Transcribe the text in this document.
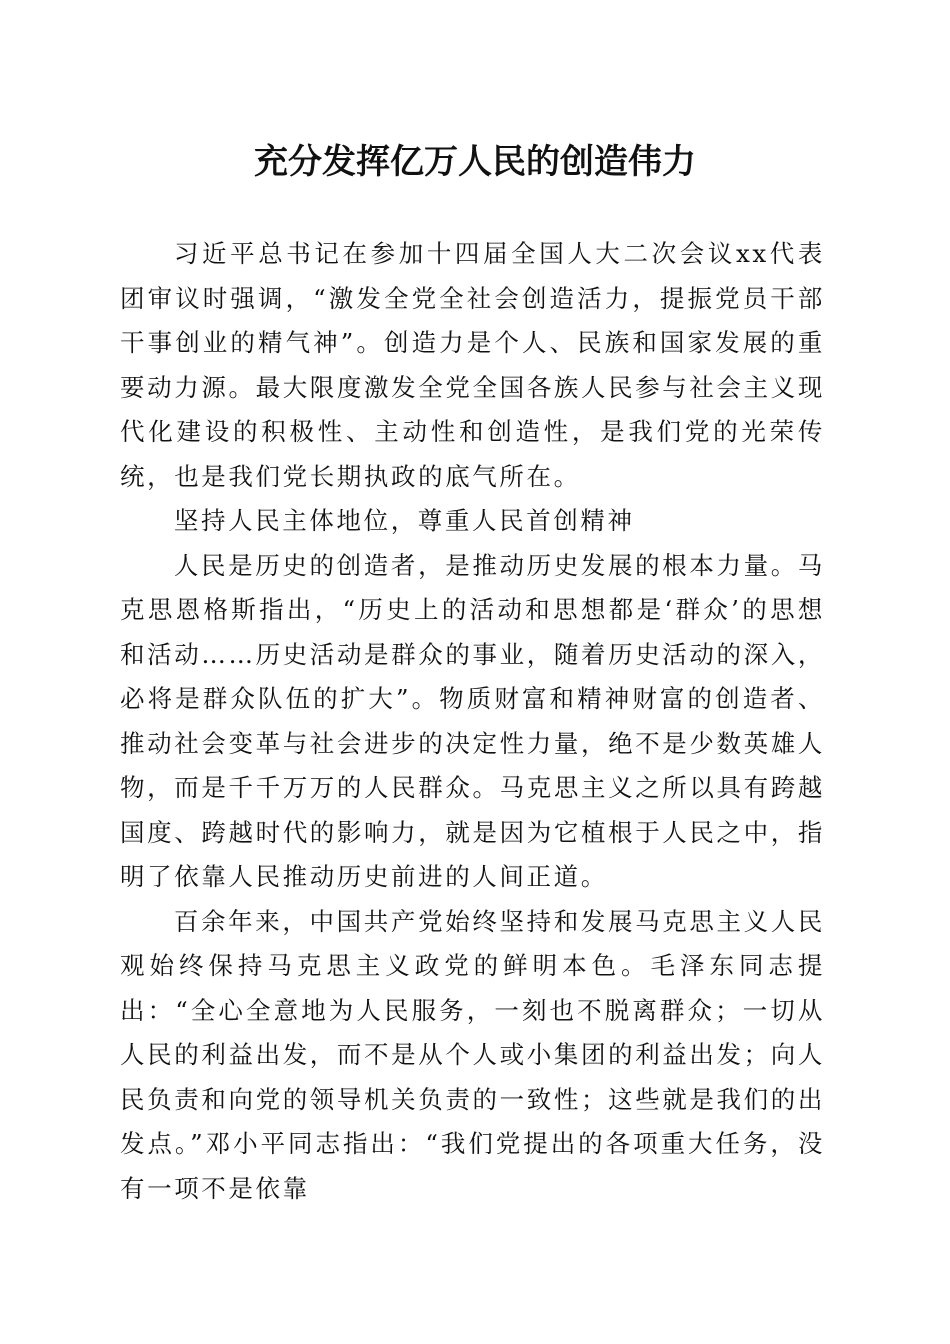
充分发挥亿万人民的创造伟力

习近平总书记在参加十四届全国人大二次会议xx代表团审议时强调，“激发全党全社会创造活力，提振党员干部干事创业的精气神”。创造力是个人、民族和国家发展的重要动力源。最大限度激发全党全国各族人民参与社会主义现代化建设的积极性、主动性和创造性，是我们党的光荣传统，也是我们党长期执政的底气所在。

坚持人民主体地位，尊重人民首创精神

人民是历史的创造者，是推动历史发展的根本力量。马克思恩格斯指出，“历史上的活动和思想都是‘群众’的思想和活动……历史活动是群众的事业，随着历史活动的深入，必将是群众队伍的扩大”。物质财富和精神财富的创造者、推动社会变革与社会进步的决定性力量，绝不是少数英雄人物，而是千千万万的人民群众。马克思主义之所以具有跨越国度、跨越时代的影响力，就是因为它植根于人民之中，指明了依靠人民推动历史前进的人间正道。

百余年来，中国共产党始终坚持和发展马克思主义人民观始终保持马克思主义政党的鲜明本色。毛泽东同志提出：“全心全意地为人民服务，一刻也不脱离群众；一切从人民的利益出发，而不是从个人或小集团的利益出发；向人民负责和向党的领导机关负责的一致性；这些就是我们的出发点。”邓小平同志指出：“我们党提出的各项重大任务，没有一项不是依靠
